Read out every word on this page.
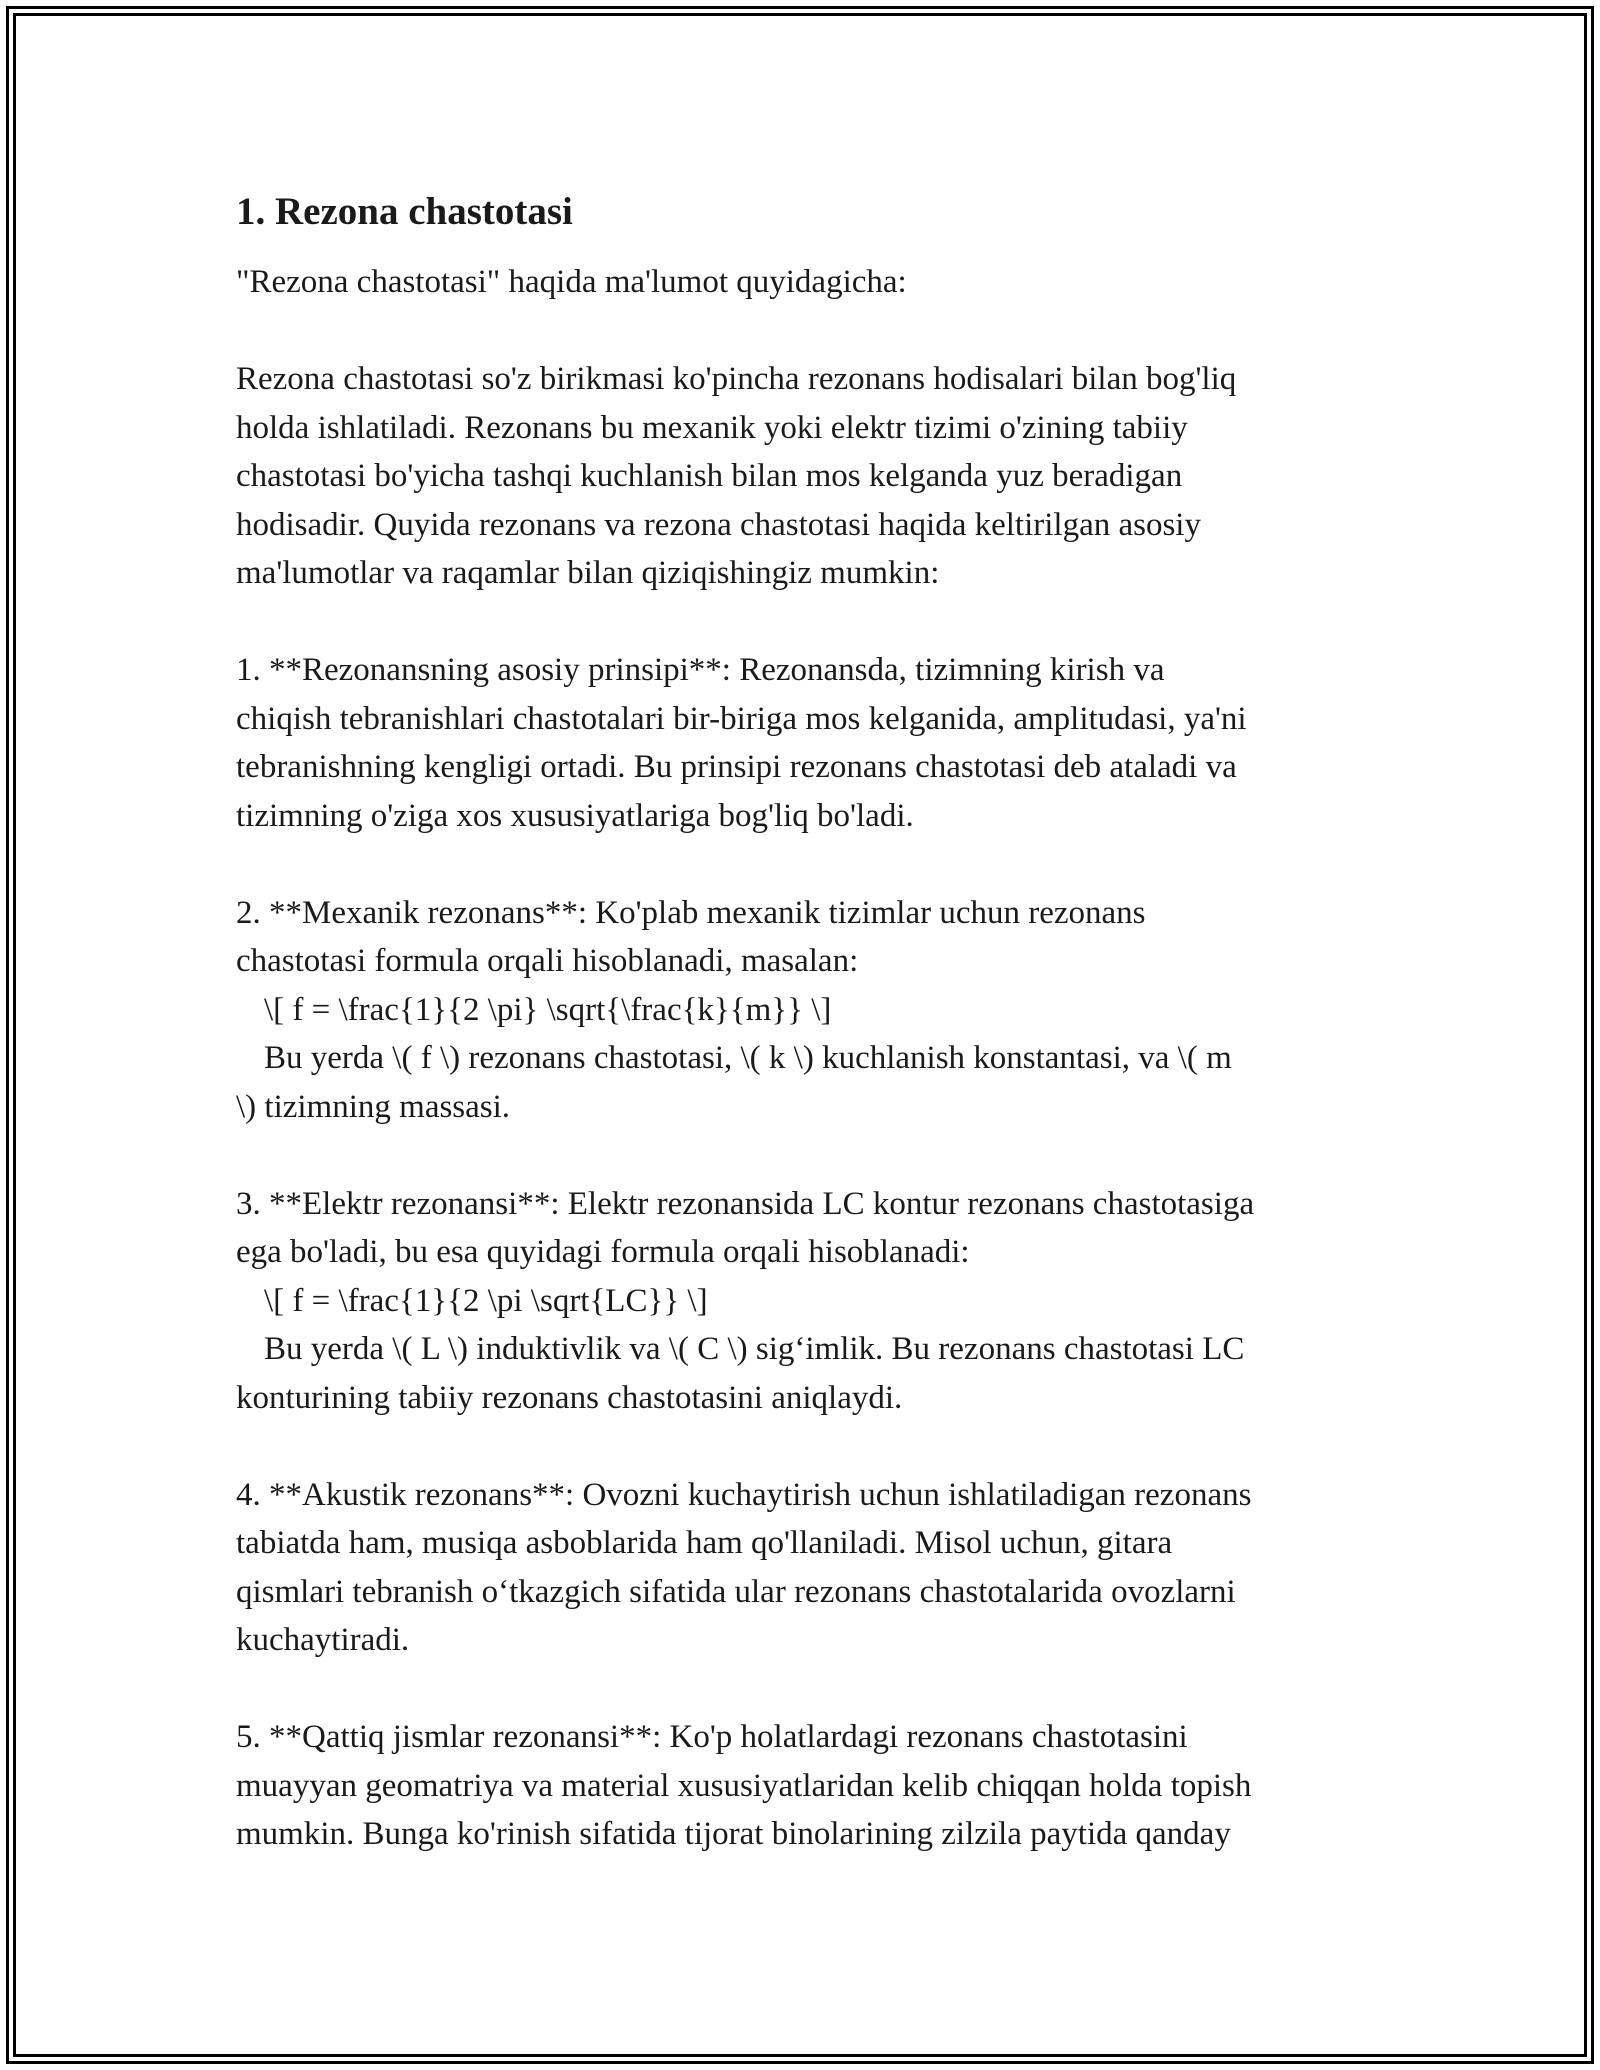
1. Rezona chastotasi
"Rezona chastotasi" haqida ma'lumot quyidagicha:
Rezona chastotasi so'z birikmasi ko'pincha rezonans hodisalari bilan bog'liq
holda ishlatiladi. Rezonans bu mexanik yoki elektr tizimi o'zining tabiiy
chastotasi bo'yicha tashqi kuchlanish bilan mos kelganda yuz beradigan
hodisadir. Quyida rezonans va rezona chastotasi haqida keltirilgan asosiy
ma'lumotlar va raqamlar bilan qiziqishingiz mumkin:
1. **Rezonansning asosiy prinsipi**: Rezonansda, tizimning kirish va
chiqish tebranishlari chastotalari bir-biriga mos kelganida, amplitudasi, ya'ni
tebranishning kengligi ortadi. Bu prinsipi rezonans chastotasi deb ataladi va
tizimning o'ziga xos xususiyatlariga bog'liq bo'ladi.
2. **Mexanik rezonans**: Ko'plab mexanik tizimlar uchun rezonans
chastotasi formula orqali hisoblanadi, masalan:
\[ f = \frac{1}{2 \pi} \sqrt{\frac{k}{m}} \]
Bu yerda \( f \) rezonans chastotasi, \( k \) kuchlanish konstantasi, va \( m
\) tizimning massasi.
3. **Elektr rezonansi**: Elektr rezonansida LC kontur rezonans chastotasiga
ega bo'ladi, bu esa quyidagi formula orqali hisoblanadi:
\[ f = \frac{1}{2 \pi \sqrt{LC}} \]
Bu yerda \( L \) induktivlik va \( C \) sig‘imlik. Bu rezonans chastotasi LC
konturining tabiiy rezonans chastotasini aniqlaydi.
4. **Akustik rezonans**: Ovozni kuchaytirish uchun ishlatiladigan rezonans
tabiatda ham, musiqa asboblarida ham qo'llaniladi. Misol uchun, gitara
qismlari tebranish o‘tkazgich sifatida ular rezonans chastotalarida ovozlarni
kuchaytiradi.
5. **Qattiq jismlar rezonansi**: Ko'p holatlardagi rezonans chastotasini
muayyan geomatriya va material xususiyatlaridan kelib chiqqan holda topish
mumkin. Bunga ko'rinish sifatida tijorat binolarining zilzila paytida qanday
